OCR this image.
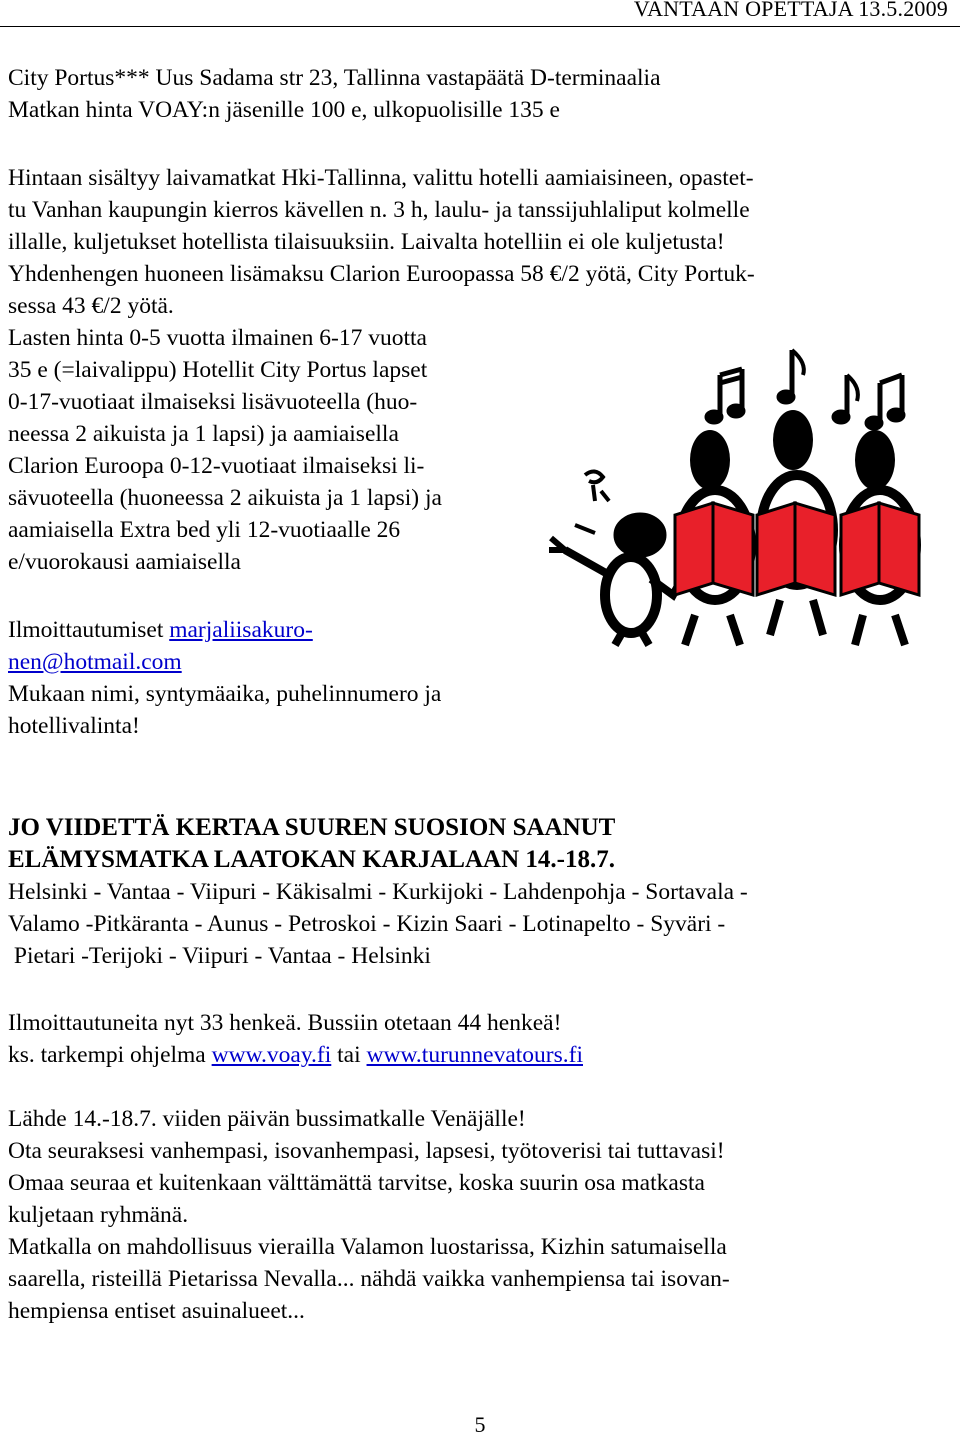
VANTAAN OPETTAJA 13.5.2009
City Portus*** Uus Sadama str 23, Tallinna vastapäätä D-terminaalia
Matkan hinta VOAY:n jäsenille 100 e, ulkopuolisille 135 e
Hintaan sisältyy laivamatkat Hki-Tallinna, valittu hotelli aamiaisineen, opastet-
tu Vanhan kaupungin kierros kävellen n. 3 h, laulu- ja tanssijuhlaliput kolmelle
illalle, kuljetukset hotellista tilaisuuksiin. Laivalta hotelliin ei ole kuljetusta!
Yhdenhengen huoneen lisämaksu Clarion Euroopassa 58 €/2 yötä, City Portuk-
sessa 43 €/2 yötä.
Lasten hinta 0-5 vuotta ilmainen 6-17 vuotta
35 e (=laivalippu) Hotellit City Portus lapset
0-17-vuotiaat ilmaiseksi lisävuoteella (huo-
neessa 2 aikuista ja 1 lapsi) ja aamiaisella
Clarion Euroopa 0-12-vuotiaat ilmaiseksi li-
sävuoteella (huoneessa 2 aikuista ja 1 lapsi) ja
aamiaisella Extra bed yli 12-vuotiaalle 26
e/vuorokausi aamiaisella
Ilmoittautumiset marjaliisakuro-
nen@hotmail.com
Mukaan nimi, syntymäaika, puhelinnumero ja
hotellivalinta!
JO VIIDETTÄ KERTAA SUUREN SUOSION SAANUT
ELÄMYSMATKA LAATOKAN KARJALAAN 14.-18.7.
Helsinki - Vantaa - Viipuri - Käkisalmi - Kurkijoki - Lahdenpohja - Sortavala -
Valamo -Pitkäranta - Aunus - Petroskoi - Kizin Saari - Lotinapelto - Syväri -
Pietari -Terijoki - Viipuri - Vantaa - Helsinki
Ilmoittautuneita nyt 33 henkeä. Bussiin otetaan 44 henkeä!
ks. tarkempi ohjelma www.voay.fi tai www.turunnevatours.fi
Lähde 14.-18.7. viiden päivän bussimatkalle Venäjälle!
Ota seuraksesi vanhempasi, isovanhempasi, lapsesi, työtoverisi tai tuttavasi!
Omaa seuraa et kuitenkaan välttämättä tarvitse, koska suurin osa matkasta
kuljetaan ryhmänä.
Matkalla on mahdollisuus vierailla Valamon luostarissa, Kizhin satumaisella
saarella, risteillä Pietarissa Nevalla... nähdä vaikka vanhempiensa tai isovan-
hempiensa entiset asuinalueet...
5
